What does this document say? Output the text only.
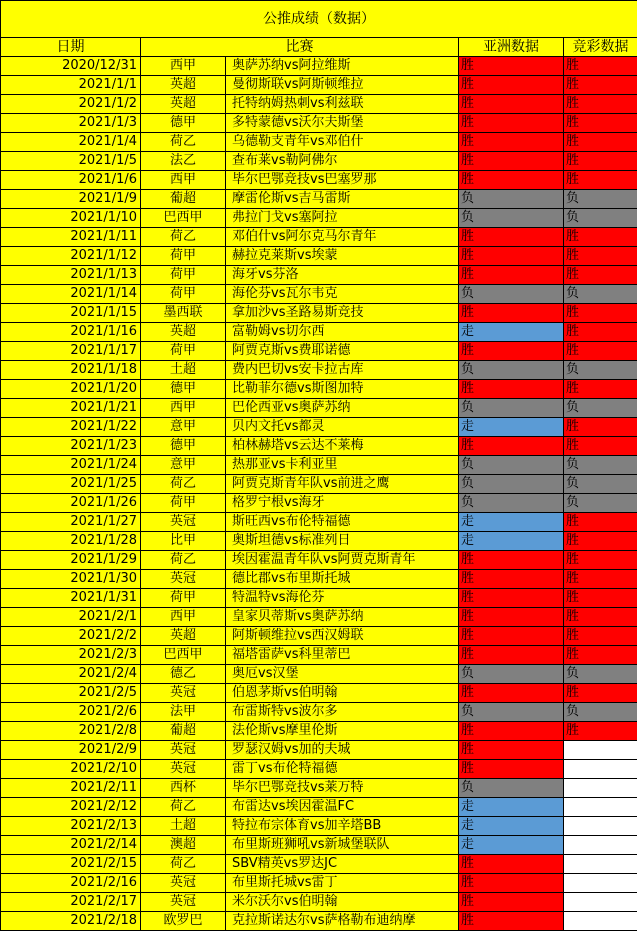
公推成绩（数据）				
日期	比赛		亚洲数据	竞彩数据
2020/12/31	西甲	奥萨苏纳vs阿拉维斯	胜	胜
2021/1/1	英超	曼彻斯联vs阿斯顿维拉	胜	胜
2021/1/2	英超	托特纳姆热刺vs利兹联	胜	胜
2021/1/3	德甲	多特蒙德vs沃尔夫斯堡	胜	胜
2021/1/4	荷乙	乌德勒支青年vs邓伯什	胜	胜
2021/1/5	法乙	查布莱vs勒阿佛尔	胜	胜
2021/1/6	西甲	毕尔巴鄂竞技vs巴塞罗那	胜	胜
2021/1/9	葡超	摩雷伦斯vs吉马雷斯	负	负
2021/1/10	巴西甲	弗拉门戈vs塞阿拉	负	负
2021/1/11	荷乙	邓伯什vs阿尔克马尔青年	胜	胜
2021/1/12	荷甲	赫拉克莱斯vs埃蒙	胜	胜
2021/1/13	荷甲	海牙vs芬洛	胜	胜
2021/1/14	荷甲	海伦芬vs瓦尔韦克	负	负
2021/1/15	墨西联	拿加沙vs圣路易斯竞技	胜	胜
2021/1/16	英超	富勒姆vs切尔西	走	胜
2021/1/17	荷甲	阿贾克斯vs费耶诺德	胜	胜
2021/1/18	土超	费内巴切vs安卡拉古库	负	负
2021/1/20	德甲	比勒菲尔德vs斯图加特	胜	胜
2021/1/21	西甲	巴伦西亚vs奥萨苏纳	负	负
2021/1/22	意甲	贝内文托vs都灵	走	胜
2021/1/23	德甲	柏林赫塔vs云达不莱梅	胜	胜
2021/1/24	意甲	热那亚vs卡利亚里	负	负
2021/1/25	荷乙	阿贾克斯青年队vs前进之鹰	负	负
2021/1/26	荷甲	格罗宁根vs海牙	负	负
2021/1/27	英冠	斯旺西vs布伦特福德	走	胜
2021/1/28	比甲	奥斯坦德vs标准列日	走	胜
2021/1/29	荷乙	埃因霍温青年队vs阿贾克斯青年	胜	胜
2021/1/30	英冠	德比郡vs布里斯托城	胜	胜
2021/1/31	荷甲	特温特vs海伦芬	胜	胜
2021/2/1	西甲	皇家贝蒂斯vs奥萨苏纳	胜	胜
2021/2/2	英超	阿斯顿维拉vs西汉姆联	胜	胜
2021/2/3	巴西甲	福塔雷萨vs科里蒂巴	胜	胜
2021/2/4	德乙	奥厄vs汉堡	负	负
2021/2/5	英冠	伯恩茅斯vs伯明翰	胜	胜
2021/2/6	法甲	布雷斯特vs波尔多	负	负
2021/2/8	葡超	法伦斯vs摩里伦斯	胜	胜
2021/2/9	英冠	罗瑟汉姆vs加的夫城	胜	
2021/2/10	英冠	雷丁vs布伦特福德	胜	
2021/2/11	西杯	毕尔巴鄂竞技vs莱万特	负	
2021/2/12	荷乙	布雷达vs埃因霍温FC	走	
2021/2/13	土超	特拉布宗体育vs加辛塔BB	走	
2021/2/14	澳超	布里斯班狮吼vs新城堡联队	走	
2021/2/15	荷乙	SBV精英vs罗达JC	胜	
2021/2/16	英冠	布里斯托城vs雷丁	胜	
2021/2/17	英冠	米尔沃尔vs伯明翰	胜	
2021/2/18	欧罗巴	克拉斯诺达尔vs萨格勒布迪纳摩	胜	
